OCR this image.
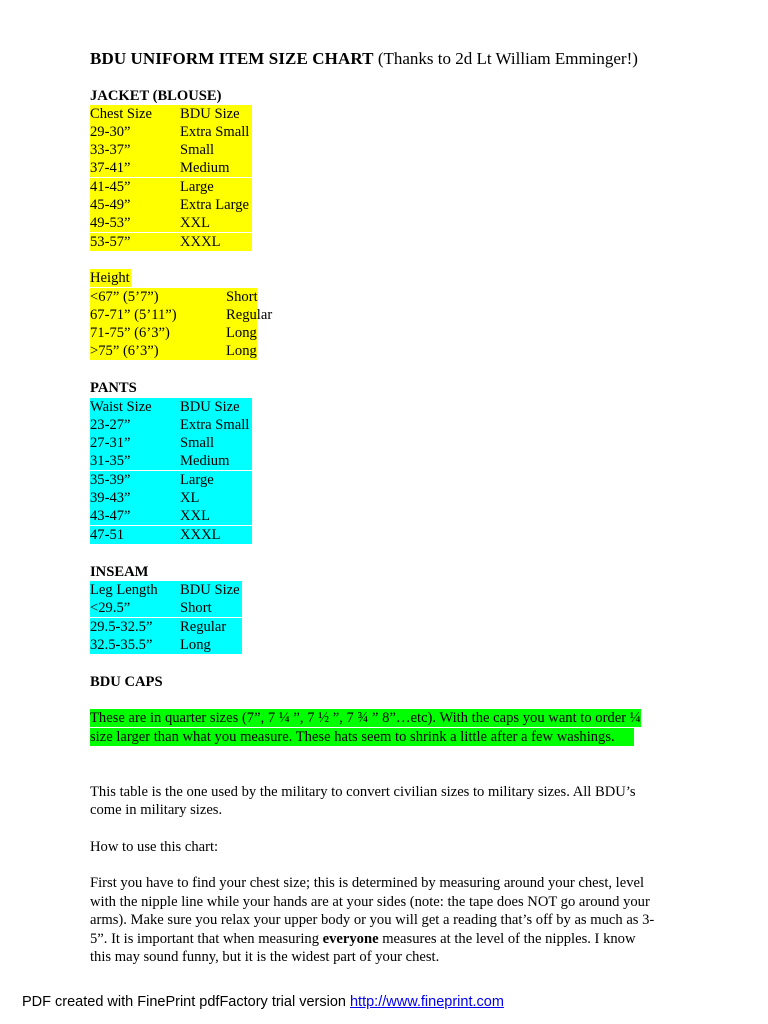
BDU UNIFORM ITEM SIZE CHART (Thanks to 2d Lt William Emminger!)
JACKET (BLOUSE)
Chest Size	BDU Size
29-30”	Extra Small
33-37”	Small
37-41”	Medium
41-45”	Large
45-49”	Extra Large
49-53”	XXL
53-57”	XXXL
Height
<67” (5’7”)	Short
67-71” (5’11”)	Regular
71-75” (6’3”)	Long
>75” (6’3”)	Long
PANTS
Waist Size	BDU Size
23-27”	Extra Small
27-31”	Small
31-35”	Medium
35-39”	Large
39-43”	XL
43-47”	XXL
47-51	XXXL
INSEAM
Leg Length	BDU Size
<29.5”	Short
29.5-32.5”	Regular
32.5-35.5”	Long
BDU CAPS
These are in quarter sizes (7”, 7 ¼ ”, 7 ½ ”, 7 ¾ ” 8”…etc). With the caps you want to order ¼
size larger than what you measure. These hats seem to shrink a little after a few washings.
This table is the one used by the military to convert civilian sizes to military sizes. All BDU’s
come in military sizes.
How to use this chart:
First you have to find your chest size; this is determined by measuring around your chest, level
with the nipple line while your hands are at your sides (note: the tape does NOT go around your
arms). Make sure you relax your upper body or you will get a reading that’s off by as much as 3-
5”. It is important that when measuring everyone measures at the level of the nipples. I know
this may sound funny, but it is the widest part of your chest.
PDF created with FinePrint pdfFactory trial version http://www.fineprint.com
